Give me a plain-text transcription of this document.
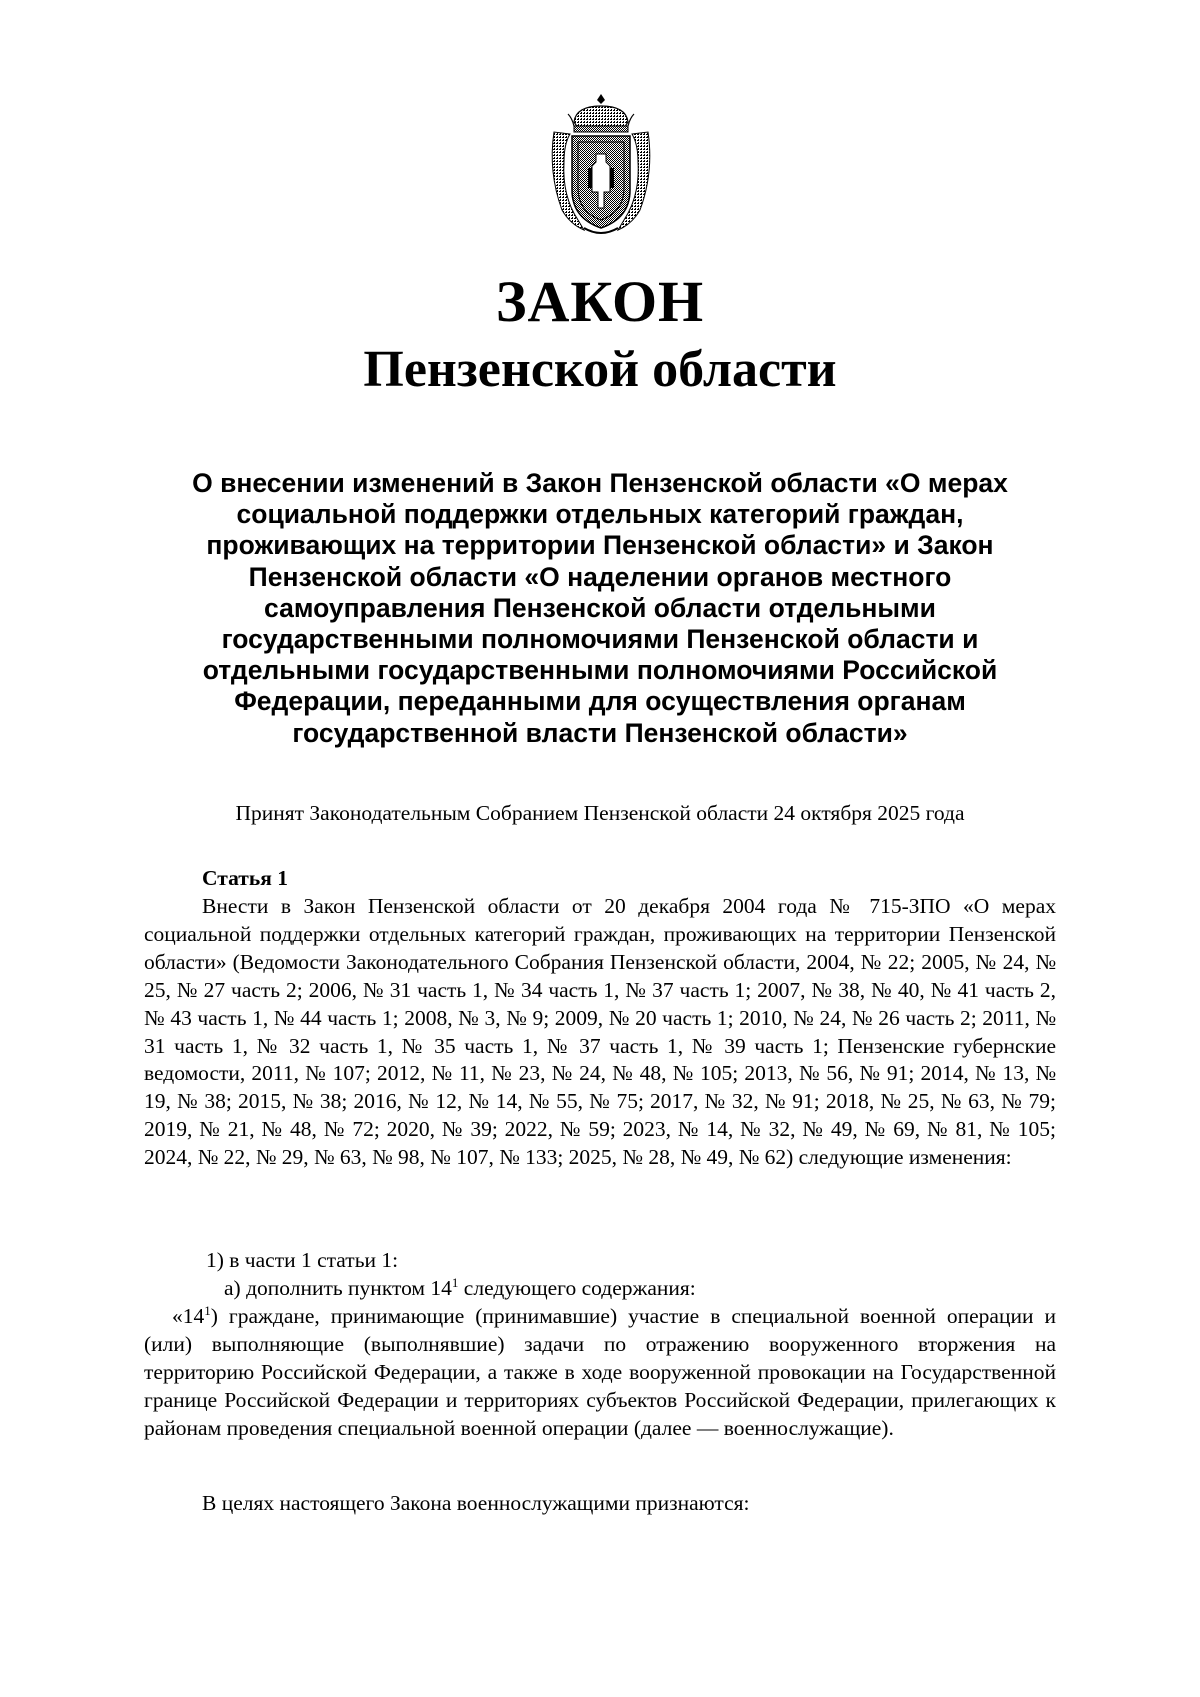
ЗАКОН
Пензенской области
О внесении изменений в Закон Пензенской области «О мерах социальной поддержки отдельных категорий граждан, проживающих на территории Пензенской области» и Закон Пензенской области «О наделении органов местного самоуправления Пензенской области отдельными государственными полномочиями Пензенской области и отдельными государственными полномочиями Российской Федерации, переданными для осуществления органам государственной власти Пензенской области»
Принят Законодательным Собранием Пензенской области 24 октября 2025 года
Статья 1
Внести в Закон Пензенской области от 20 декабря 2004 года № 715-ЗПО «О мерах социальной поддержки отдельных категорий граждан, проживающих на территории Пензенской области» (Ведомости Законодательного Собрания Пензенской области, 2004, № 22; 2005, № 24, № 25, № 27 часть 2; 2006, № 31 часть 1, № 34 часть 1, № 37 часть 1; 2007, № 38, № 40, № 41 часть 2, № 43 часть 1, № 44 часть 1; 2008, № 3, № 9; 2009, № 20 часть 1; 2010, № 24, № 26 часть 2; 2011, № 31 часть 1, № 32 часть 1, № 35 часть 1, № 37 часть 1, № 39 часть 1; Пензенские губернские ведомости, 2011, № 107; 2012, № 11, № 23, № 24, № 48, № 105; 2013, № 56, № 91; 2014, № 13, № 19, № 38; 2015, № 38; 2016, № 12, № 14, № 55, № 75; 2017, № 32, № 91; 2018, № 25, № 63, № 79; 2019, № 21, № 48, № 72; 2020, № 39; 2022, № 59; 2023, № 14, № 32, № 49, № 69, № 81, № 105; 2024, № 22, № 29, № 63, № 98, № 107, № 133; 2025, № 28, № 49, № 62) следующие изменения:
1) в части 1 статьи 1:
а) дополнить пунктом $14^1$ следующего содержания:
«$14^1$) граждане, принимающие (принимавшие) участие в специальной военной операции и (или) выполняющие (выполнявшие) задачи по отражению вооруженного вторжения на территорию Российской Федерации, а также в ходе вооруженной провокации на Государственной границе Российской Федерации и территориях субъектов Российской Федерации, прилегающих к районам проведения специальной военной операции (далее — военнослужащие).
В целях настоящего Закона военнослужащими признаются:
